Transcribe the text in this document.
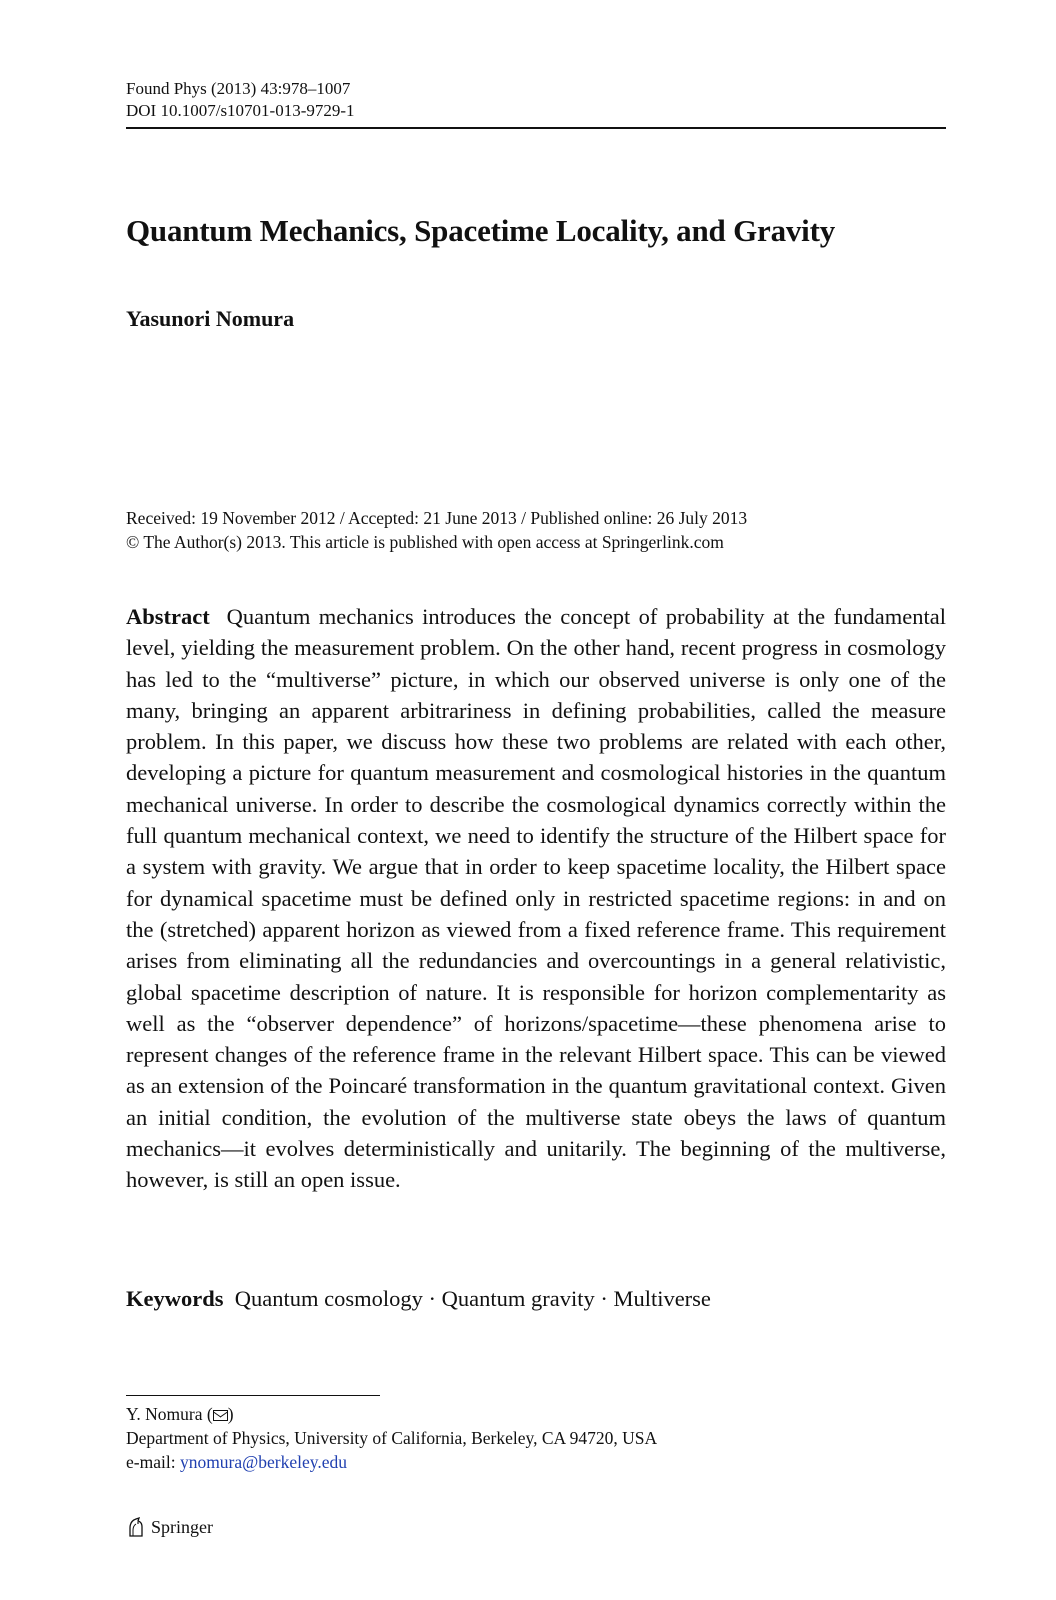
Found Phys (2013) 43:978–1007
DOI 10.1007/s10701-013-9729-1
Quantum Mechanics, Spacetime Locality, and Gravity
Yasunori Nomura
Received: 19 November 2012 / Accepted: 21 June 2013 / Published online: 26 July 2013
© The Author(s) 2013. This article is published with open access at Springerlink.com

Abstract Quantum mechanics introduces the concept of probability at the fundamental level, yielding the measurement problem. On the other hand, recent progress in cosmology has led to the “multiverse” picture, in which our observed universe is only one of the many, bringing an apparent arbitrariness in defining probabilities, called the measure problem. In this paper, we discuss how these two problems are related with each other, developing a picture for quantum measurement and cosmological histories in the quantum mechanical universe. In order to describe the cosmological dynamics correctly within the full quantum mechanical context, we need to identify the structure of the Hilbert space for a system with gravity. We argue that in order to keep spacetime locality, the Hilbert space for dynamical spacetime must be defined only in restricted spacetime regions: in and on the (stretched) apparent horizon as viewed from a fixed reference frame. This requirement arises from eliminating all the redundancies and overcountings in a general relativistic, global spacetime description of nature. It is responsible for horizon complementarity as well as the “observer dependence” of horizons/spacetime—these phenomena arise to represent changes of the reference frame in the relevant Hilbert space. This can be viewed as an extension of the Poincaré transformation in the quantum gravitational context. Given an initial condition, the evolution of the multiverse state obeys the laws of quantum mechanics—it evolves deterministically and unitarily. The beginning of the multiverse, however, is still an open issue.

Keywords Quantum cosmology · Quantum gravity · Multiverse
Y. Nomura ( )
Department of Physics, University of California, Berkeley, CA 94720, USA
e-mail: ynomura@berkeley.edu
Springer
